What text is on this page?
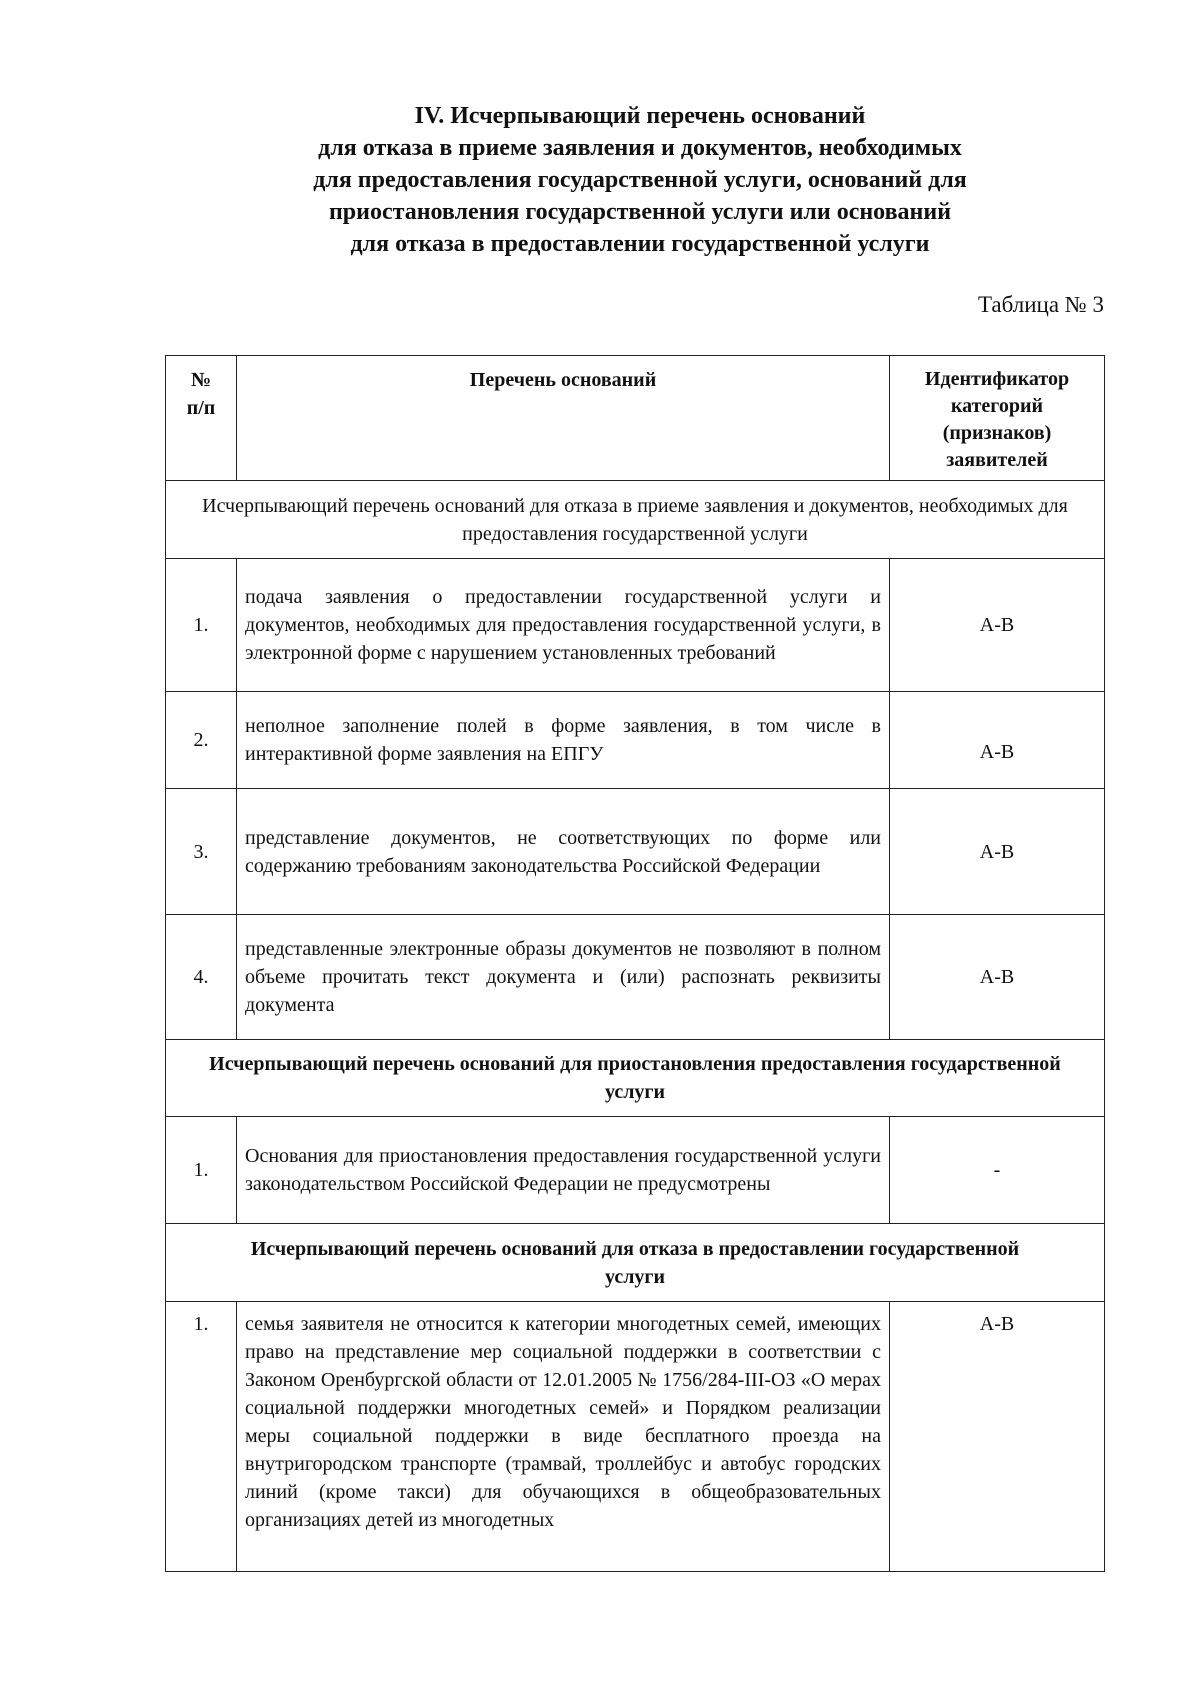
IV. Исчерпывающий перечень оснований
для отказа в приеме заявления и документов, необходимых
для предоставления государственной услуги, оснований для
приостановления государственной услуги или оснований
для отказа в предоставлении государственной услуги
Таблица № 3
№ п/п	Перечень оснований	Идентификатор категорий (признаков) заявителей
Исчерпывающий перечень оснований для отказа в приеме заявления и документов, необходимых для предоставления государственной услуги		
1.	подача заявления о предоставлении государственной услуги и документов, необходимых для предоставления государственной услуги, в электронной форме с нарушением установленных требований	А-В
2.	неполное заполнение полей в форме заявления, в том числе в интерактивной форме заявления на ЕПГУ	А-В
3.	представление документов, не соответствующих по форме или содержанию требованиям законодательства Российской Федерации	А-В
4.	представленные электронные образы документов не позволяют в полном объеме прочитать текст документа и (или) распознать реквизиты документа	А-В
Исчерпывающий перечень оснований для приостановления предоставления государственной услуги		
1.	Основания для приостановления предоставления государственной услуги законодательством Российской Федерации не предусмотрены	-
Исчерпывающий перечень оснований для отказа в предоставлении государственной услуги		
1.	семья заявителя не относится к категории многодетных семей, имеющих право на представление мер социальной поддержки в соответствии с Законом Оренбургской области от 12.01.2005 № 1756/284-III-ОЗ «О мерах социальной поддержки многодетных семей» и Порядком реализации меры социальной поддержки в виде бесплатного проезда на внутригородском транспорте (трамвай, троллейбус и автобус городских линий (кроме такси) для обучающихся в общеобразовательных организациях детей из многодетных	А-В
